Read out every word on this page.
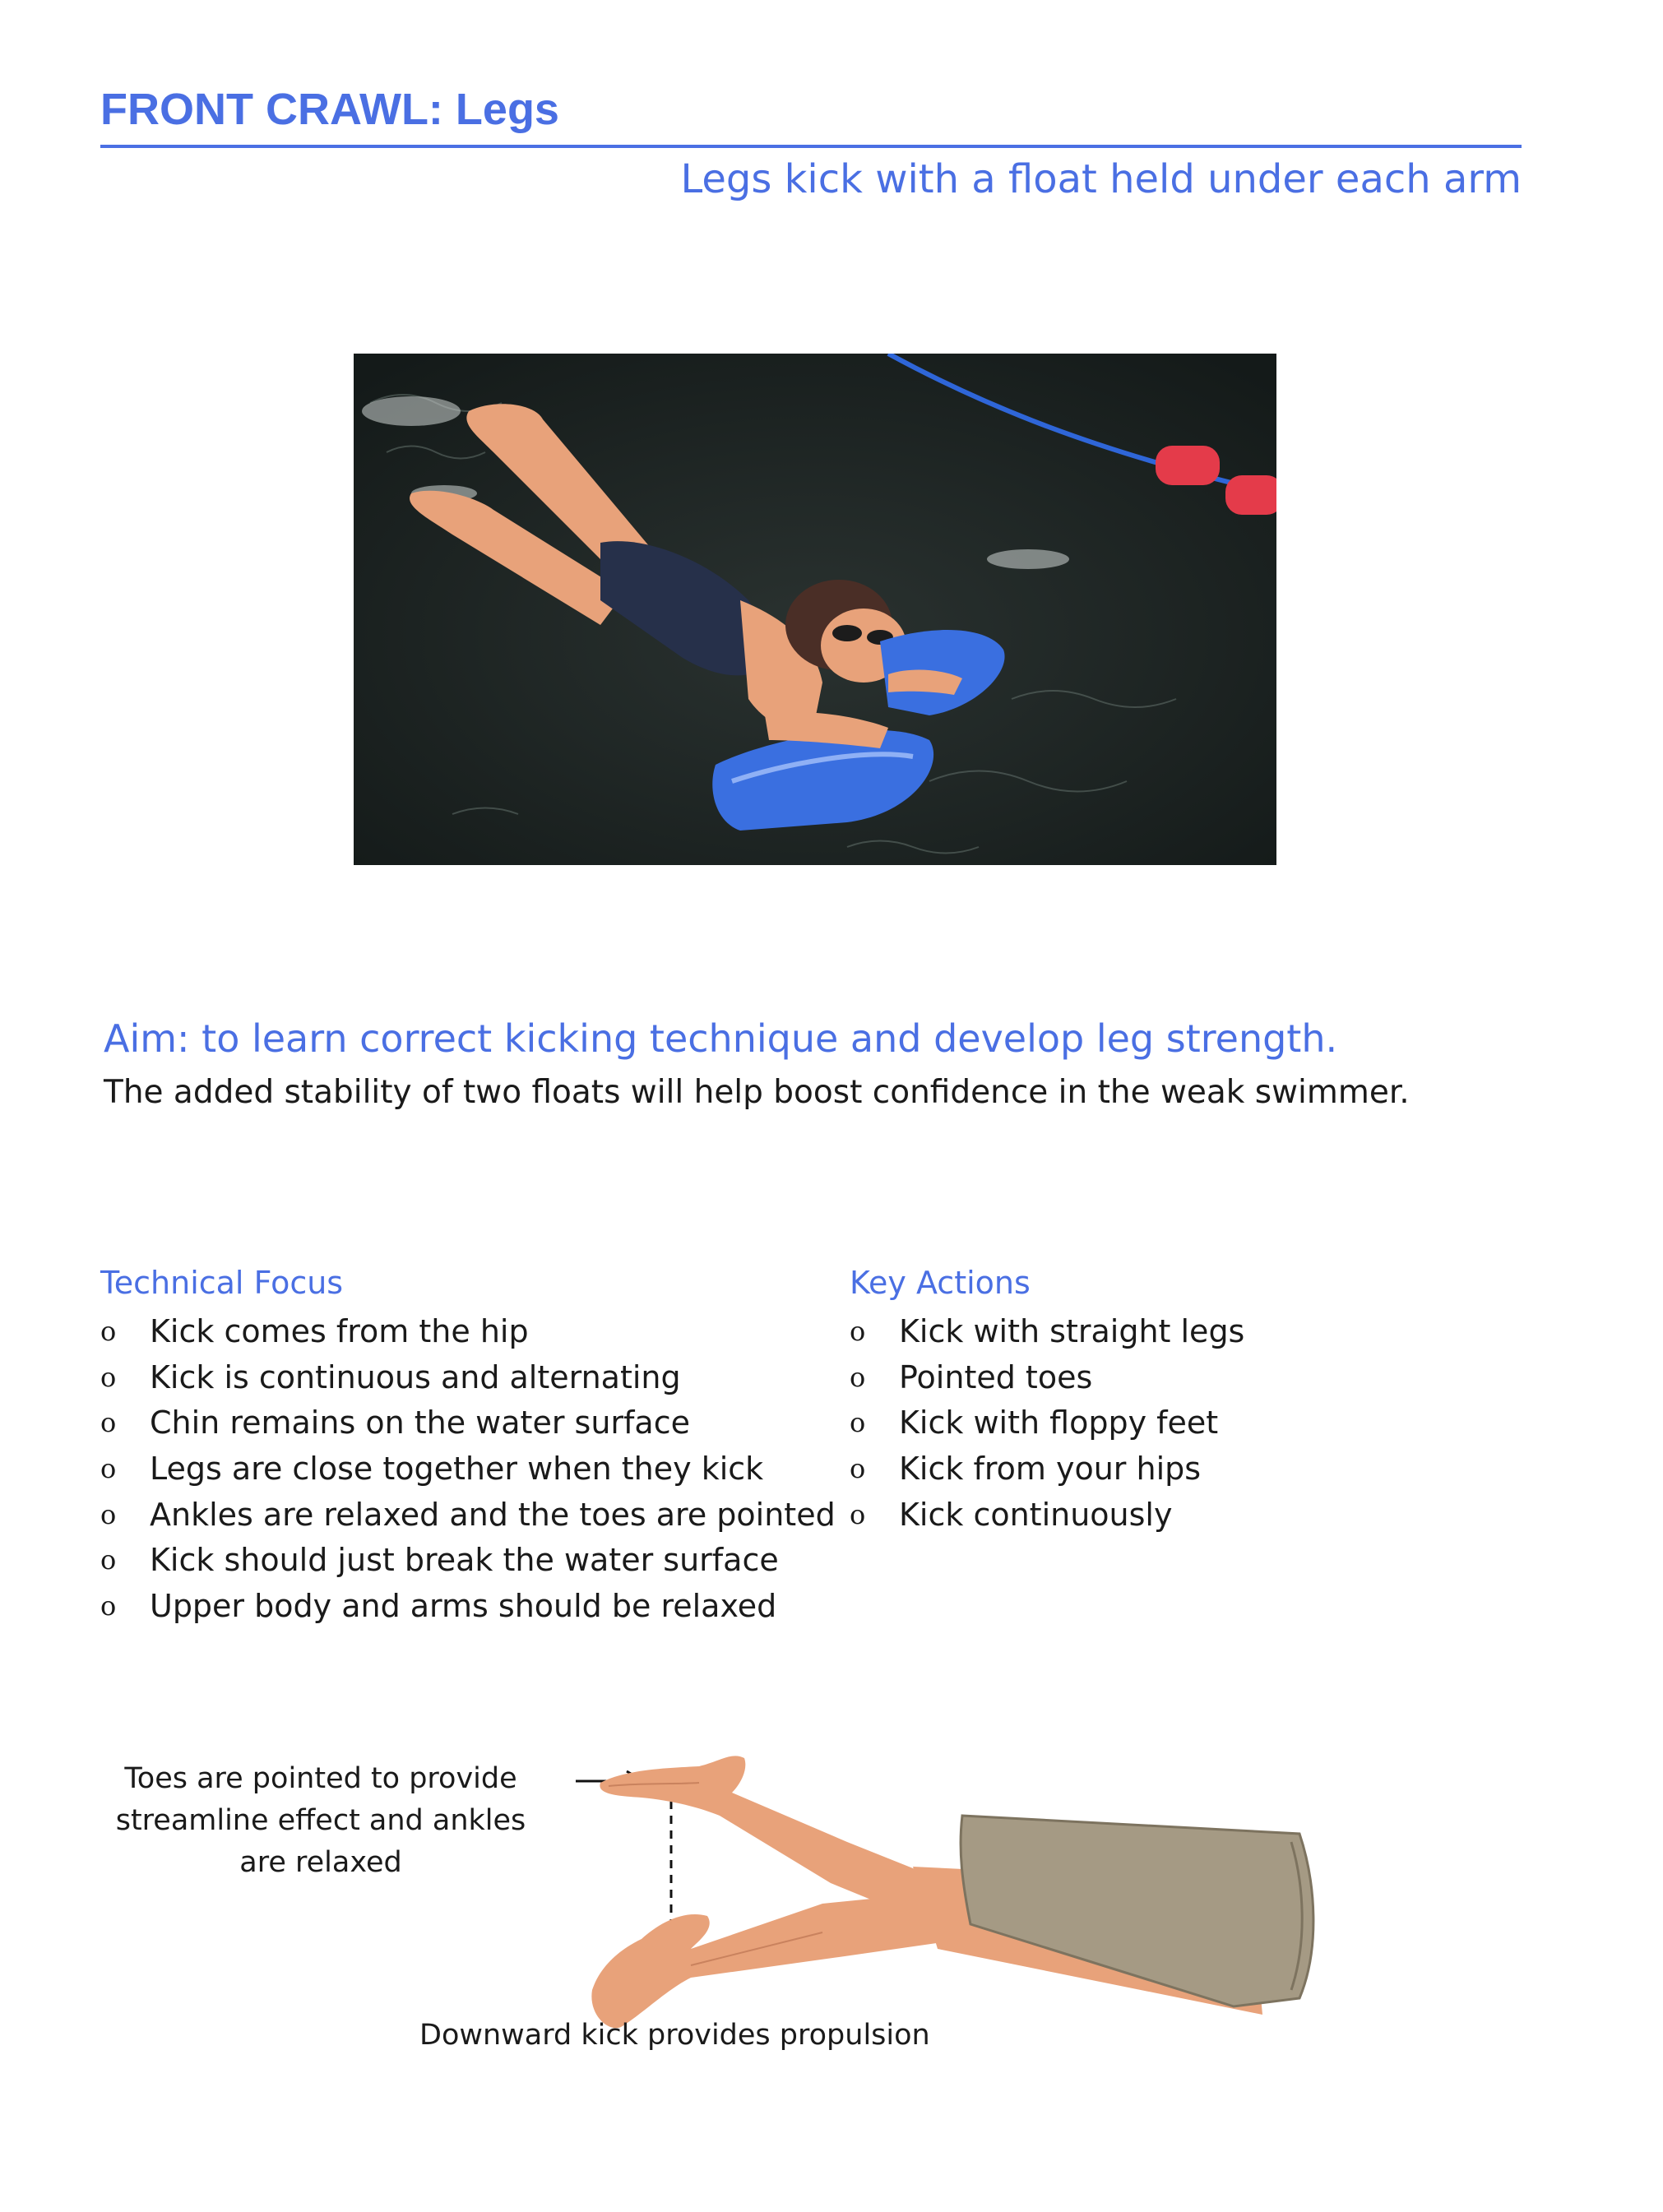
FRONT CRAWL: Legs
Legs kick with a float held under each arm
Aim: to learn correct kicking technique and develop leg strength.
The added stability of two floats will help boost confidence in the weak swimmer.
Technical Focus
o	Kick comes from the hip
o	Kick is continuous and alternating
o	Chin remains on the water surface
o	Legs are close together when they kick
o	Ankles are relaxed and the toes are pointed
o	Kick should just break the water surface
o	Upper body and arms should be relaxed
Key Actions
o	Kick with straight legs
o	Pointed toes
o	Kick with floppy feet
o	Kick from your hips
o	Kick continuously
Toes are pointed to provide
streamline effect and ankles
are relaxed
Downward kick provides propulsion
